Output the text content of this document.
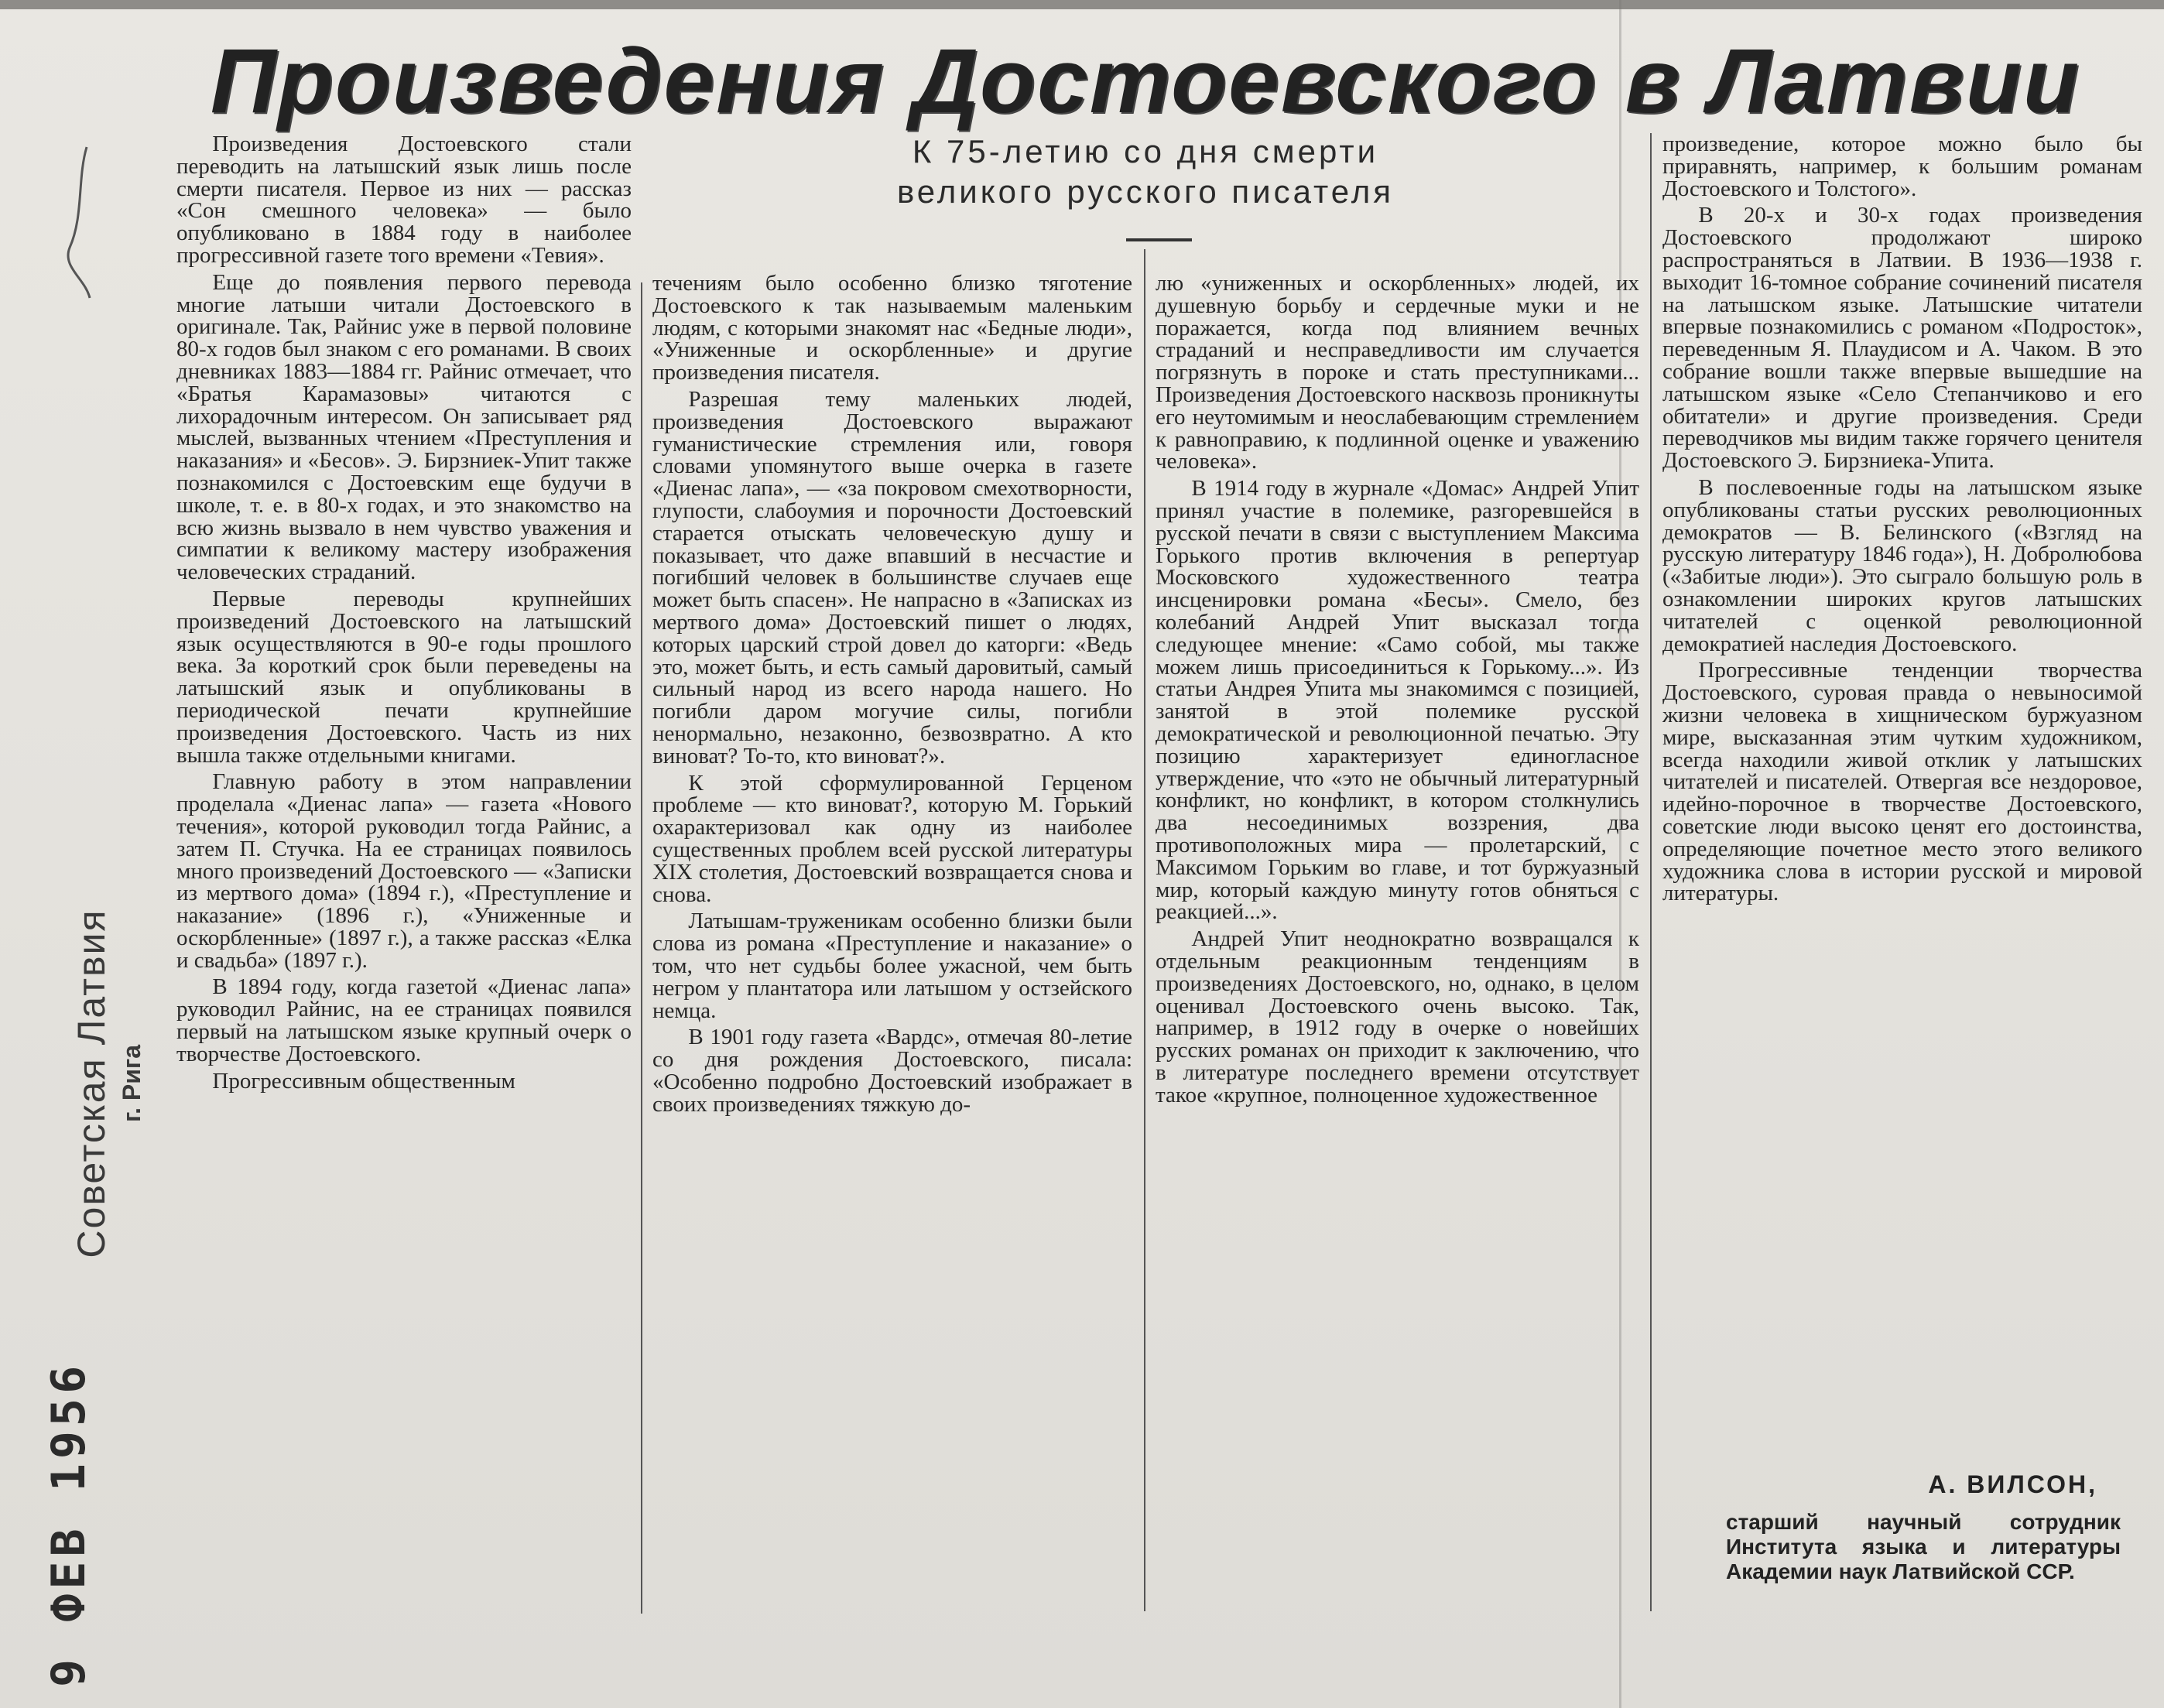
Произведения Достоевского в Латвии
К 75-летию со дня смерти
великого русского писателя

Произведения Достоевского стали переводить на латышский язык лишь после смерти писателя. Первое из них — рассказ «Сон смешного человека» — было опубликовано в 1884 году в наиболее прогрессивной газете того времени «Тевия».

Еще до появления первого перевода многие латыши читали Достоевского в оригинале. Так, Райнис уже в первой половине 80-х годов был знаком с его романами. В своих дневниках 1883—1884 гг. Райнис отмечает, что «Братья Карамазовы» читаются с лихорадочным интересом. Он записывает ряд мыслей, вызванных чтением «Преступления и наказания» и «Бесов». Э. Бирзниек-Упит также познакомился с Достоевским еще будучи в школе, т. е. в 80-х годах, и это знакомство на всю жизнь вызвало в нем чувство уважения и симпатии к великому мастеру изображения человеческих страданий.

Первые переводы крупнейших произведений Достоевского на латышский язык осуществляются в 90-е годы прошлого века. За короткий срок были переведены на латышский язык и опубликованы в периодической печати крупнейшие произведения Достоевского. Часть из них вышла также отдельными книгами.

Главную работу в этом направлении проделала «Диенас лапа» — газета «Нового течения», которой руководил тогда Райнис, а затем П. Стучка. На ее страницах появилось много произведений Достоевского — «Записки из мертвого дома» (1894 г.), «Преступление и наказание» (1896 г.), «Униженные и оскорбленные» (1897 г.), а также рассказ «Елка и свадьба» (1897 г.).

В 1894 году, когда газетой «Диенас лапа» руководил Райнис, на ее страницах появился первый на латышском языке крупный очерк о творчестве Достоевского.

Прогрессивным общественным

течениям было особенно близко тяготение Достоевского к так называемым маленьким людям, с которыми знакомят нас «Бедные люди», «Униженные и оскорбленные» и другие произведения писателя.

Разрешая тему маленьких людей, произведения Достоевского выражают гуманистические стремления или, говоря словами упомянутого выше очерка в газете «Диенас лапа», — «за покровом смехотворности, глупости, слабоумия и порочности Достоевский старается отыскать человеческую душу и показывает, что даже впавший в несчастие и погибший человек в большинстве случаев еще может быть спасен». Не напрасно в «Записках из мертвого дома» Достоевский пишет о людях, которых царский строй довел до каторги: «Ведь это, может быть, и есть самый даровитый, самый сильный народ из всего народа нашего. Но погибли даром могучие силы, погибли ненормально, незаконно, безвозвратно. А кто виноват? То-то, кто виноват?».

К этой сформулированной Герценом проблеме — кто виноват?, которую М. Горький охарактеризовал как одну из наиболее существенных проблем всей русской литературы XIX столетия, Достоевский возвращается снова и снова.

Латышам-труженикам особенно близки были слова из романа «Преступление и наказание» о том, что нет судьбы более ужасной, чем быть негром у плантатора или латышом у остзейского немца.

В 1901 году газета «Вардс», отмечая 80-летие со дня рождения Достоевского, писала: «Особенно подробно Достоевский изображает в своих произведениях тяжкую до-

лю «униженных и оскорбленных» людей, их душевную борьбу и сердечные муки и не поражается, когда под влиянием вечных страданий и несправедливости им случается погрязнуть в пороке и стать преступниками... Произведения Достоевского насквозь проникнуты его неутомимым и неослабевающим стремлением к равноправию, к подлинной оценке и уважению человека».

В 1914 году в журнале «Домас» Андрей Упит принял участие в полемике, разгоревшейся в русской печати в связи с выступлением Максима Горького против включения в репертуар Московского художественного театра инсценировки романа «Бесы». Смело, без колебаний Андрей Упит высказал тогда следующее мнение: «Само собой, мы также можем лишь присоединиться к Горькому...». Из статьи Андрея Упита мы знакомимся с позицией, занятой в этой полемике русской демократической и революционной печатью. Эту позицию характеризует единогласное утверждение, что «это не обычный литературный конфликт, но конфликт, в котором столкнулись два несоединимых воззрения, два противоположных мира — пролетарский, с Максимом Горьким во главе, и тот буржуазный мир, который каждую минуту готов обняться с реакцией...».

Андрей Упит неоднократно возвращался к отдельным реакционным тенденциям в произведениях Достоевского, но, однако, в целом оценивал Достоевского очень высоко. Так, например, в 1912 году в очерке о новейших русских романах он приходит к заключению, что в литературе последнего времени отсутствует такое «крупное, полноценное художественное

произведение, которое можно было бы приравнять, например, к большим романам Достоевского и Толстого».

В 20-х и 30-х годах произведения Достоевского продолжают широко распространяться в Латвии. В 1936—1938 г. выходит 16-томное собрание сочинений писателя на латышском языке. Латышские читатели впервые познакомились с романом «Подросток», переведенным Я. Плаудисом и А. Чаком. В это собрание вошли также впервые вышедшие на латышском языке «Село Степанчиково и его обитатели» и другие произведения. Среди переводчиков мы видим также горячего ценителя Достоевского Э. Бирзниека-Упита.

В послевоенные годы на латышском языке опубликованы статьи русских революционных демократов — В. Белинского («Взгляд на русскую литературу 1846 года»), Н. Добролюбова («Забитые люди»). Это сыграло большую роль в ознакомлении широких кругов латышских читателей с оценкой революционной демократией наследия Достоевского.

Прогрессивные тенденции творчества Достоевского, суровая правда о невыносимой жизни человека в хищническом буржуазном мире, высказанная этим чутким художником, всегда находили живой отклик у латышских читателей и писателей. Отвергая все нездоровое, идейно-порочное в творчестве Достоевского, советские люди высоко ценят его достоинства, определяющие почетное место этого великого художника слова в истории русской и мировой литературы.

А. ВИЛСОН,
старший научный сотрудник Института языка и литературы Академии наук Латвийской ССР.
Советская Латвия г. Рига
9 ФЕВ 1956
